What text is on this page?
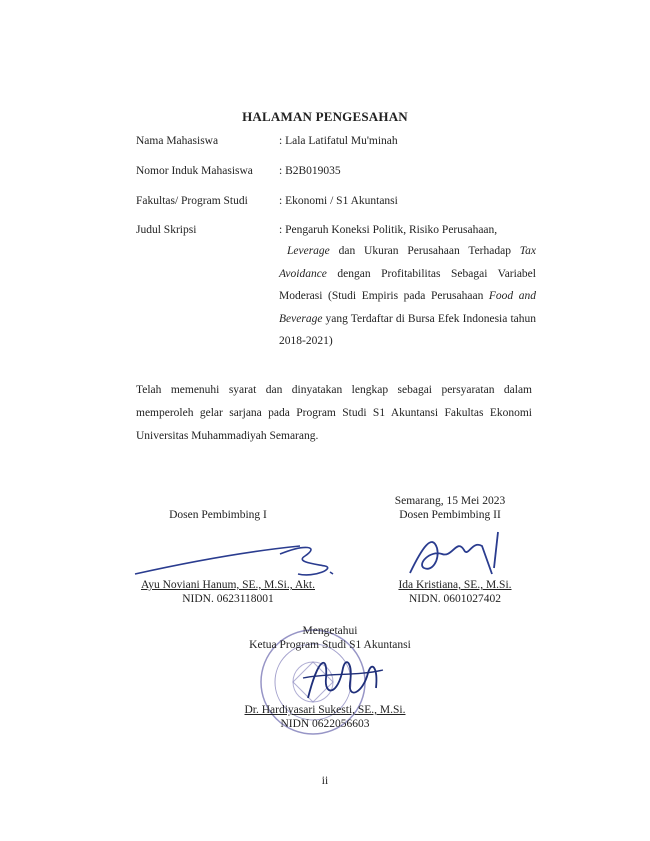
HALAMAN PENGESAHAN
Nama Mahasiswa	: Lala Latifatul Mu'minah
Nomor Induk Mahasiswa : B2B019035
Fakultas/ Program Studi	: Ekonomi / S1 Akuntansi
Judul Skripsi	: Pengaruh Koneksi Politik, Risiko Perusahaan,
Leverage dan Ukuran Perusahaan Terhadap Tax Avoidance dengan Profitabilitas Sebagai Variabel Moderasi (Studi Empiris pada Perusahaan Food and Beverage yang Terdaftar di Bursa Efek Indonesia tahun 2018-2021)
Telah memenuhi syarat dan dinyatakan lengkap sebagai persyaratan dalam memperoleh gelar sarjana pada Program Studi S1 Akuntansi Fakultas Ekonomi Universitas Muhammadiyah Semarang.
Semarang, 15 Mei 2023
Dosen Pembimbing I	Dosen Pembimbing II
Ayu Noviani Hanum, SE., M.Si., Akt.
NIDN. 0623118001
Ida Kristiana, SE., M.Si.
NIDN. 0601027402
Mengetahui
Ketua Program Studi S1 Akuntansi
Dr. Hardiyasari Sukesti, SE., M.Si.
NIDN 0622056603
ii
